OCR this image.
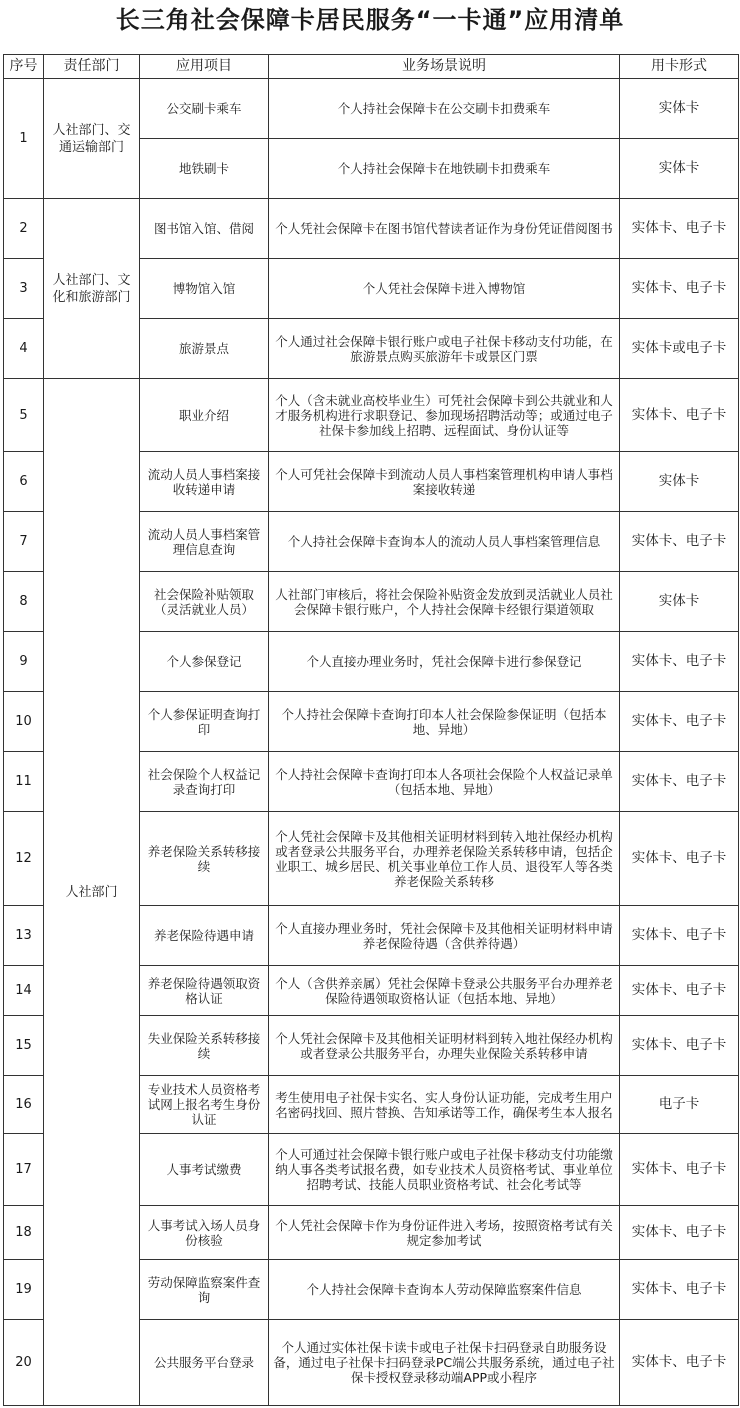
长三角社会保障卡居民服务“一卡通”应用清单
序号	责任部门	应用项目	业务场景说明	用卡形式
1	人社部门、交通运输部门	公交刷卡乘车	个人持社会保障卡在公交刷卡扣费乘车	实体卡
		地铁刷卡	个人持社会保障卡在地铁刷卡扣费乘车	实体卡
2	人社部门、文化和旅游部门	图书馆入馆、借阅	个人凭社会保障卡在图书馆代替读者证作为身份凭证借阅图书	实体卡、电子卡
3		博物馆入馆	个人凭社会保障卡进入博物馆	实体卡、电子卡
4		旅游景点	个人通过社会保障卡银行账户或电子社保卡移动支付功能，在旅游景点购买旅游年卡或景区门票	实体卡或电子卡
5	人社部门	职业介绍	个人（含未就业高校毕业生）可凭社会保障卡到公共就业和人才服务机构进行求职登记、参加现场招聘活动等；或通过电子社保卡参加线上招聘、远程面试、身份认证等	实体卡、电子卡
6		流动人员人事档案接收转递申请	个人可凭社会保障卡到流动人员人事档案管理机构申请人事档案接收转递	实体卡
7		流动人员人事档案管理信息查询	个人持社会保障卡查询本人的流动人员人事档案管理信息	实体卡、电子卡
8		社会保险补贴领取（灵活就业人员）	人社部门审核后，将社会保险补贴资金发放到灵活就业人员社会保障卡银行账户，个人持社会保障卡经银行渠道领取	实体卡
9		个人参保登记	个人直接办理业务时，凭社会保障卡进行参保登记	实体卡、电子卡
10		个人参保证明查询打印	个人持社会保障卡查询打印本人社会保险参保证明（包括本地、异地）	实体卡、电子卡
11		社会保险个人权益记录查询打印	个人持社会保障卡查询打印本人各项社会保险个人权益记录单（包括本地、异地）	实体卡、电子卡
12		养老保险关系转移接续	个人凭社会保障卡及其他相关证明材料到转入地社保经办机构或者登录公共服务平台，办理养老保险关系转移申请，包括企业职工、城乡居民、机关事业单位工作人员、退役军人等各类养老保险关系转移	实体卡、电子卡
13		养老保险待遇申请	个人直接办理业务时，凭社会保障卡及其他相关证明材料申请养老保险待遇（含供养待遇）	实体卡、电子卡
14		养老保险待遇领取资格认证	个人（含供养亲属）凭社会保障卡登录公共服务平台办理养老保险待遇领取资格认证（包括本地、异地）	实体卡、电子卡
15		失业保险关系转移接续	个人凭社会保障卡及其他相关证明材料到转入地社保经办机构或者登录公共服务平台，办理失业保险关系转移申请	实体卡、电子卡
16		专业技术人员资格考试网上报名考生身份认证	考生使用电子社保卡实名、实人身份认证功能，完成考生用户名密码找回、照片替换、告知承诺等工作，确保考生本人报名	电子卡
17		人事考试缴费	个人可通过社会保障卡银行账户或电子社保卡移动支付功能缴纳人事各类考试报名费，如专业技术人员资格考试、事业单位招聘考试、技能人员职业资格考试、社会化考试等	实体卡、电子卡
18		人事考试入场人员身份核验	个人凭社会保障卡作为身份证件进入考场，按照资格考试有关规定参加考试	实体卡、电子卡
19		劳动保障监察案件查询	个人持社会保障卡查询本人劳动保障监察案件信息	实体卡、电子卡
20		公共服务平台登录	个人通过实体社保卡读卡或电子社保卡扫码登录自助服务设备，通过电子社保卡扫码登录PC端公共服务系统，通过电子社保卡授权登录移动端APP或小程序	实体卡、电子卡
